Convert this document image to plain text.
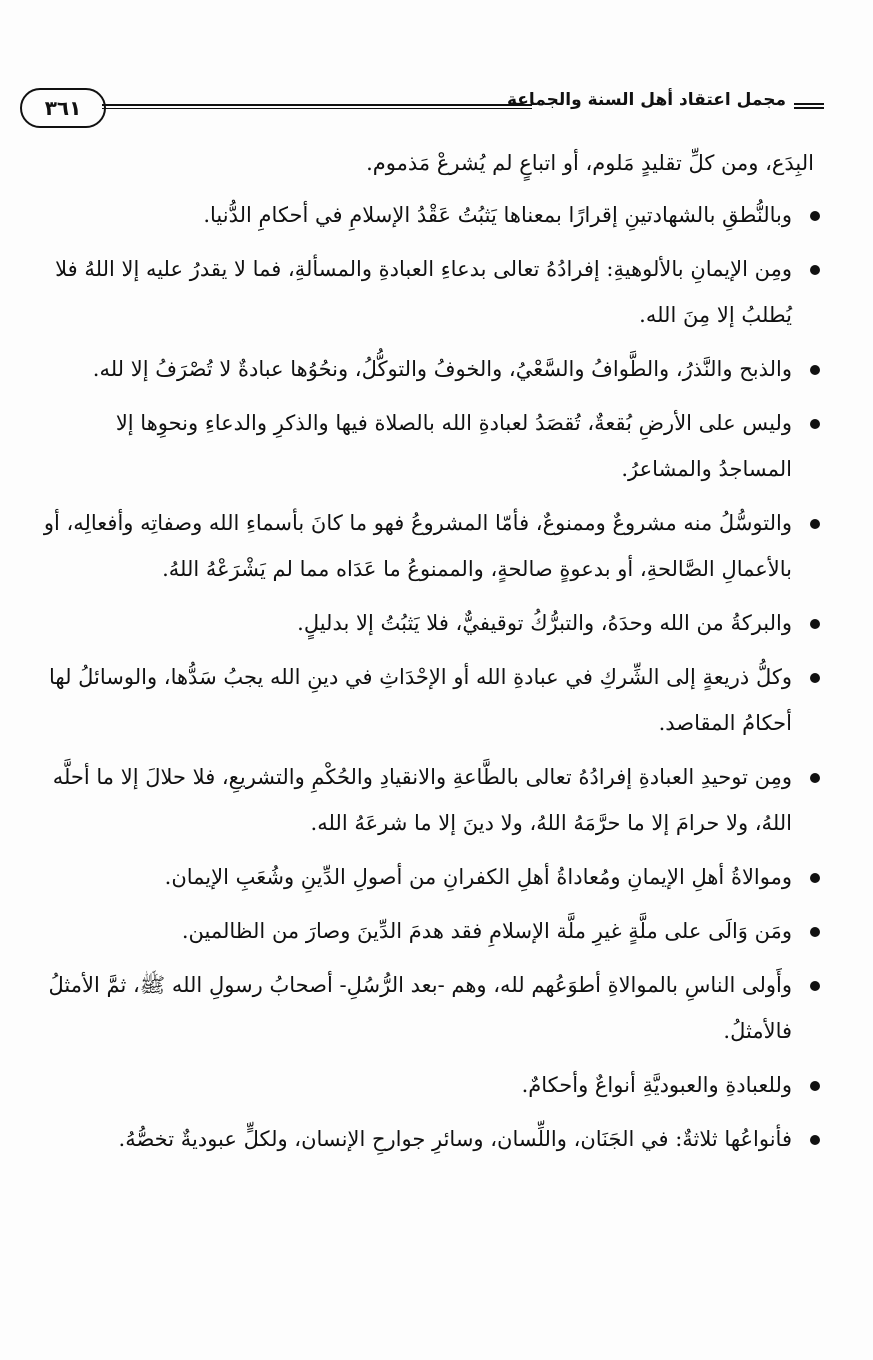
٣٦١	مجمل اعتقاد أهل السنة والجماعة
البِدَع، ومن كلِّ تقليدٍ مَلوم، أو اتباعٍ لم يُشرعْ مَذموم.
وبالنُّطقِ بالشهادتينِ إقرارًا بمعناها يَثبُتُ عَقْدُ الإسلامِ في أحكامِ الدُّنيا.
ومِن الإيمانِ بالألوهيةِ: إفرادُهُ تعالى بدعاءِ العبادةِ والمسألةِ، فما لا يقدرُ عليه إلا اللهُ فلا يُطلبُ إلا مِنَ الله.
والذبح والنَّذرُ، والطَّوافُ والسَّعْيُ، والخوفُ والتوكُّلُ، ونحُوُها عبادةٌ لا تُصْرَفُ إلا لله.
وليس على الأرضِ بُقعةٌ، تُقصَدُ لعبادةِ الله بالصلاة فيها والذكرِ والدعاءِ ونحوِها إلا المساجدُ والمشاعرُ.
والتوسُّلُ منه مشروعٌ وممنوعٌ، فأمّا المشروعُ فهو ما كانَ بأسماءِ الله وصفاتِه وأفعالِه، أو بالأعمالِ الصَّالحةِ، أو بدعوةٍ صالحةٍ، والممنوعُ ما عَدَاه مما لم يَشْرَعْهُ اللهُ.
والبركةُ من الله وحدَهُ، والتبرُّكُ توقيفيٌّ، فلا يَثبُتُ إلا بدليلٍ.
وكلُّ ذريعةٍ إلى الشِّركِ في عبادةِ الله أو الإحْدَاثِ في دينِ الله يجبُ سَدُّها، والوسائلُ لها أحكامُ المقاصد.
ومِن توحيدِ العبادةِ إفرادُهُ تعالى بالطَّاعةِ والانقيادِ والحُكْمِ والتشريعِ، فلا حلالَ إلا ما أحلَّه اللهُ، ولا حرامَ إلا ما حرَّمَهُ اللهُ، ولا دينَ إلا ما شرعَهُ الله.
وموالاةُ أهلِ الإيمانِ ومُعاداةُ أهلِ الكفرانِ من أصولِ الدِّينِ وشُعَبِ الإيمان.
ومَن وَالَى على ملَّةٍ غيرِ ملَّة الإسلامِ فقد هدمَ الدِّينَ وصارَ من الظالمين.
وأَولى الناسِ بالموالاةِ أطوَعُهم لله، وهم -بعد الرُّسُلِ- أصحابُ رسولِ الله ﷺ، ثمَّ الأمثلُ فالأمثلُ.
وللعبادةِ والعبوديَّةِ أنواعٌ وأحكامٌ.
فأنواعُها ثلاثةٌ: في الجَنَان، واللِّسان، وسائرِ جوارحِ الإنسان، ولكلٍّ عبوديةٌ تخصُّهُ.
